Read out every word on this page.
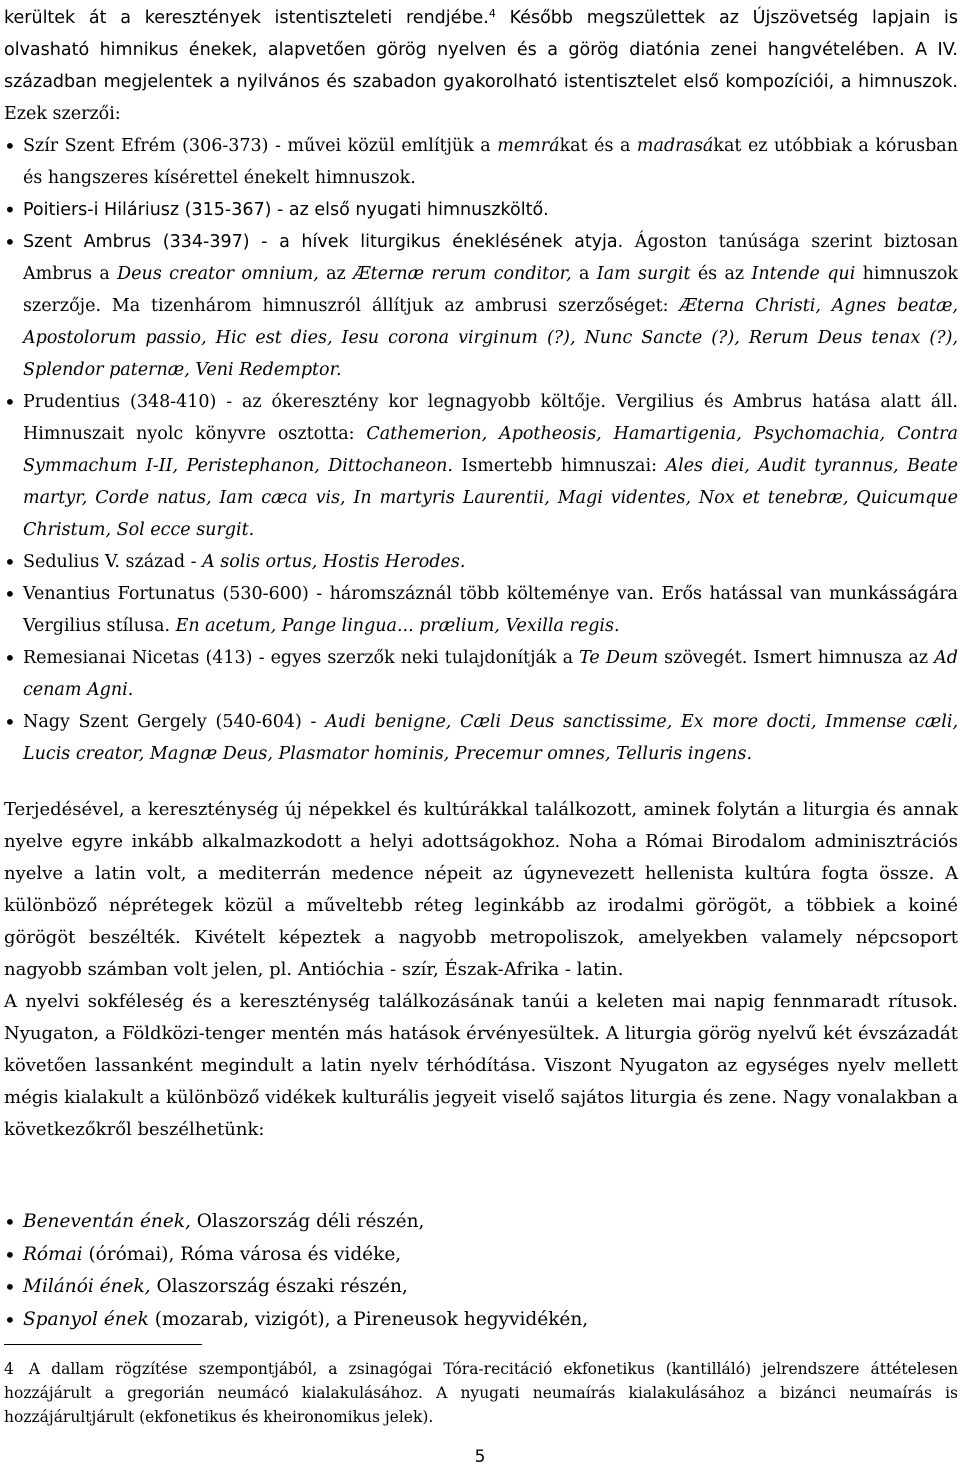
kerültek át a keresztények istentiszteleti rendjébe.$^4$ Később megszülettek az Újszövetség lapjain is olvasható himnikus énekek, alapvetően görög nyelven és a görög diatónia zenei hangvételében. A IV. században megjelentek a nyilvános és szabadon gyakorolható istentisztelet első kompozíciói, a himnuszok. Ezek szerzői:

• Szír Szent Efrém (306-373) - művei közül említjük a memrákat és a madrasákat ez utóbbiak a kórusban és hangszeres kísérettel énekelt himnuszok.
• Poitiers-i Hiláriusz (315-367) - az első nyugati himnuszköltő.
• Szent Ambrus (334-397) - a hívek liturgikus éneklésének atyja. Ágoston tanúsága szerint biztosan Ambrus a Deus creator omnium, az Æternæ rerum conditor, a Iam surgit és az Intende qui himnuszok szerzője. Ma tizenhárom himnuszról állítjuk az ambrusi szerzőséget: Æterna Christi, Agnes beatæ, Apostolorum passio, Hic est dies, Iesu corona virginum (?), Nunc Sancte (?), Rerum Deus tenax (?), Splendor paternæ, Veni Redemptor.
• Prudentius (348-410) - az ókeresztény kor legnagyobb költője. Vergilius és Ambrus hatása alatt áll. Himnuszait nyolc könyvre osztotta: Cathemerion, Apotheosis, Hamartigenia, Psychomachia, Contra Symmachum I-II, Peristephanon, Dittochaneon. Ismertebb himnuszai: Ales diei, Audit tyrannus, Beate martyr, Corde natus, Iam cæca vis, In martyris Laurentii, Magi videntes, Nox et tenebræ, Quicumque Christum, Sol ecce surgit.
• Sedulius V. század - A solis ortus, Hostis Herodes.
• Venantius Fortunatus (530-600) - háromszáznál több költeménye van. Erős hatással van munkásságára Vergilius stílusa. En acetum, Pange lingua... prælium, Vexilla regis.
• Remesianai Nicetas (413) - egyes szerzők neki tulajdonítják a Te Deum szövegét. Ismert himnusza az Ad cenam Agni.
• Nagy Szent Gergely (540-604) - Audi benigne, Cæli Deus sanctissime, Ex more docti, Immense cæli, Lucis creator, Magnæ Deus, Plasmator hominis, Precemur omnes, Telluris ingens.

Terjedésével, a kereszténység új népekkel és kultúrákkal találkozott, aminek folytán a liturgia és annak nyelve egyre inkább alkalmazkodott a helyi adottságokhoz. Noha a Római Birodalom adminisztrációs nyelve a latin volt, a mediterrán medence népeit az úgynevezett hellenista kultúra fogta össze. A különböző néprétegek közül a műveltebb réteg leginkább az irodalmi görögöt, a többiek a koiné görögöt beszélték. Kivételt képeztek a nagyobb metropoliszok, amelyekben valamely népcsoport nagyobb számban volt jelen, pl. Antióchia - szír, Észak-Afrika - latin.

A nyelvi sokféleség és a kereszténység találkozásának tanúi a keleten mai napig fennmaradt rítusok. Nyugaton, a Földközi-tenger mentén más hatások érvényesültek. A liturgia görög nyelvű két évszázadát követően lassanként megindult a latin nyelv térhódítása. Viszont Nyugaton az egységes nyelv mellett mégis kialakult a különböző vidékek kulturális jegyeit viselő sajátos liturgia és zene. Nagy vonalakban a következőkről beszélhetünk:

• Beneventán ének, Olaszország déli részén,
• Római (órómai), Róma városa és vidéke,
• Milánói ének, Olaszország északi részén,
• Spanyol ének (mozarab, vizigót), a Pireneusok hegyvidékén,

4 A dallam rögzítése szempontjából, a zsinagógai Tóra-recitáció ekfonetikus (kantilláló) jelrendszere áttételesen hozzájárult a gregorián neumácó kialakulásához. A nyugati neumaírás kialakulásához a bizánci neumaírás is hozzájárultjárult (ekfonetikus és kheironomikus jelek).

5
